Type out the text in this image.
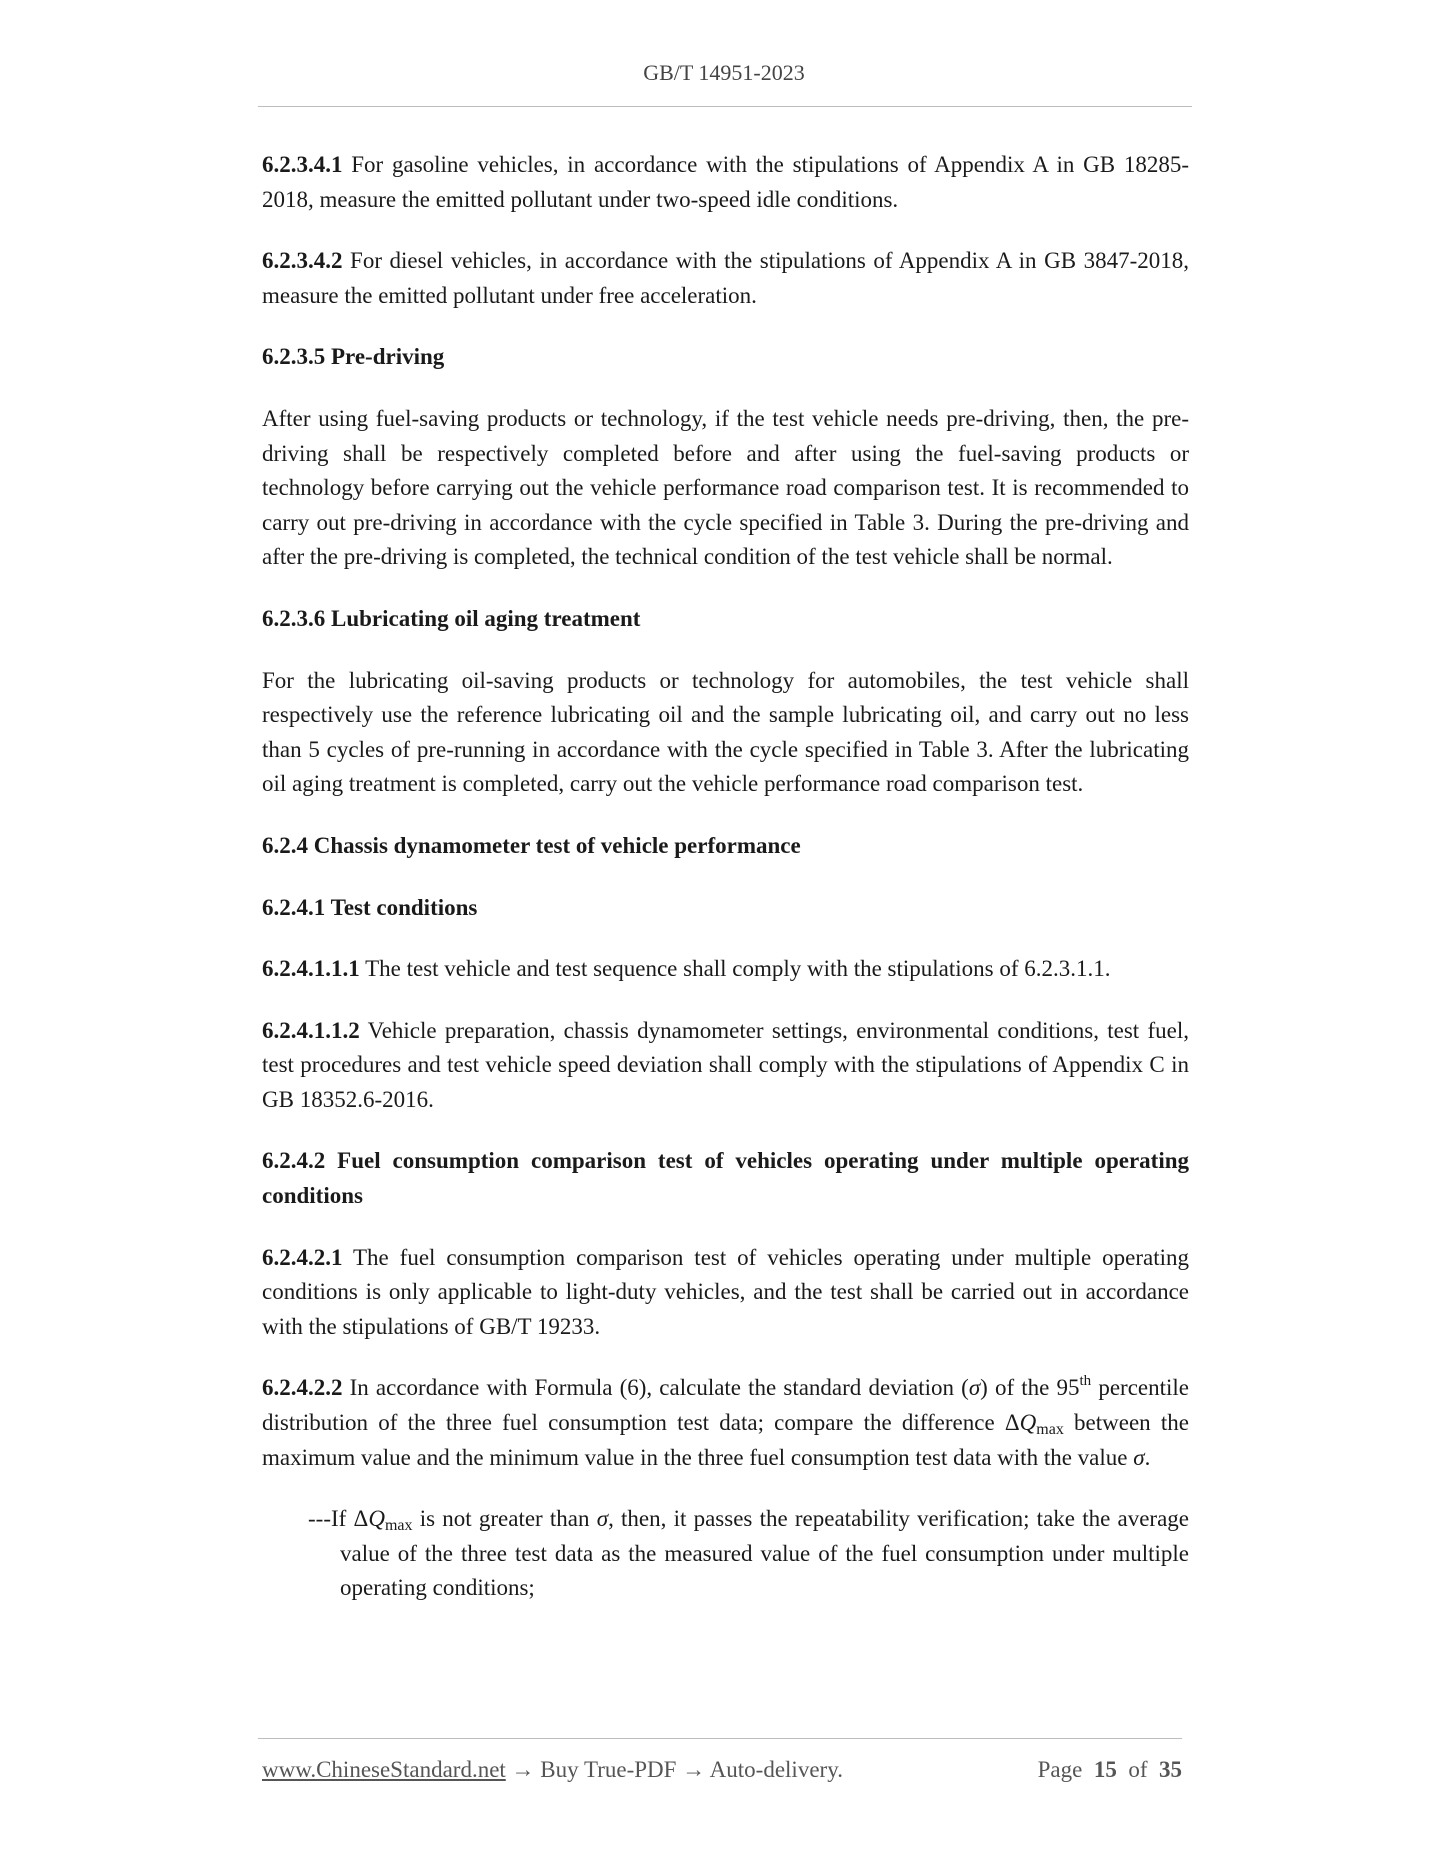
GB/T 14951-2023

6.2.3.4.1 For gasoline vehicles, in accordance with the stipulations of Appendix A in GB 18285-2018, measure the emitted pollutant under two-speed idle conditions.

6.2.3.4.2 For diesel vehicles, in accordance with the stipulations of Appendix A in GB 3847-2018, measure the emitted pollutant under free acceleration.

6.2.3.5 Pre-driving

After using fuel-saving products or technology, if the test vehicle needs pre-driving, then, the pre-driving shall be respectively completed before and after using the fuel-saving products or technology before carrying out the vehicle performance road comparison test. It is recommended to carry out pre-driving in accordance with the cycle specified in Table 3. During the pre-driving and after the pre-driving is completed, the technical condition of the test vehicle shall be normal.

6.2.3.6 Lubricating oil aging treatment

For the lubricating oil-saving products or technology for automobiles, the test vehicle shall respectively use the reference lubricating oil and the sample lubricating oil, and carry out no less than 5 cycles of pre-running in accordance with the cycle specified in Table 3. After the lubricating oil aging treatment is completed, carry out the vehicle performance road comparison test.

6.2.4 Chassis dynamometer test of vehicle performance

6.2.4.1 Test conditions

6.2.4.1.1.1 The test vehicle and test sequence shall comply with the stipulations of 6.2.3.1.1.

6.2.4.1.1.2 Vehicle preparation, chassis dynamometer settings, environmental conditions, test fuel, test procedures and test vehicle speed deviation shall comply with the stipulations of Appendix C in GB 18352.6-2016.

6.2.4.2 Fuel consumption comparison test of vehicles operating under multiple operating conditions

6.2.4.2.1 The fuel consumption comparison test of vehicles operating under multiple operating conditions is only applicable to light-duty vehicles, and the test shall be carried out in accordance with the stipulations of GB/T 19233.

6.2.4.2.2 In accordance with Formula (6), calculate the standard deviation (σ) of the 95th percentile distribution of the three fuel consumption test data; compare the difference $\Delta Q_{max}$ between the maximum value and the minimum value in the three fuel consumption test data with the value σ.

---If $\Delta Q_{max}$ is not greater than σ, then, it passes the repeatability verification; take the average value of the three test data as the measured value of the fuel consumption under multiple operating conditions;

www.ChineseStandard.net → Buy True-PDF → Auto-delivery.	Page 15 of 35
